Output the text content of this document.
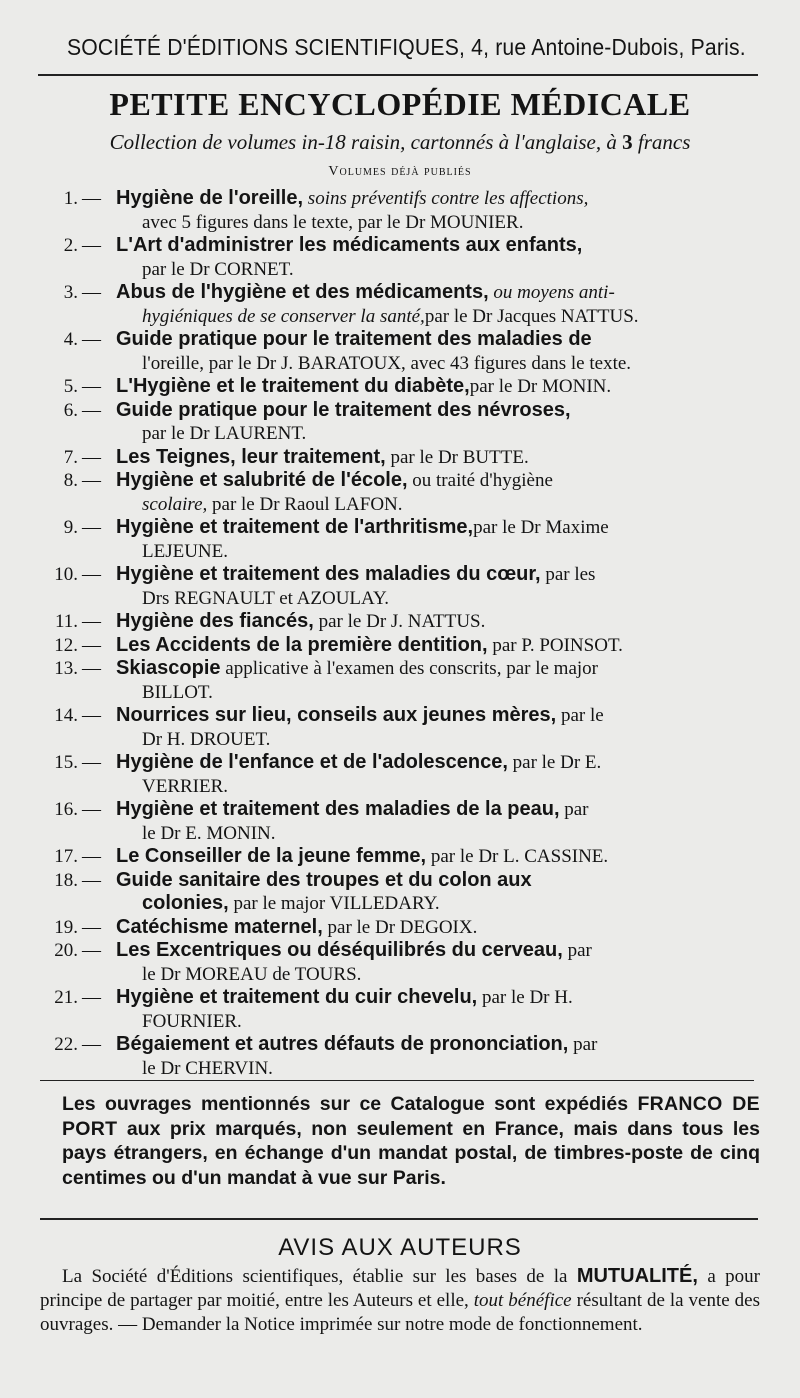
SOCIÉTÉ D'ÉDITIONS SCIENTIFIQUES, 4, rue Antoine-Dubois, Paris.
PETITE ENCYCLOPÉDIE MÉDICALE
Collection de volumes in-18 raisin, cartonnés à l'anglaise, à 3 francs
Volumes déjà publiés
1. — Hygiène de l'oreille, soins préventifs contre les affections,
avec 5 figures dans le texte, par le Dr MOUNIER.
2. — L'Art d'administrer les médicaments aux enfants,
par le Dr CORNET.
3. — Abus de l'hygiène et des médicaments, ou moyens anti-
hygiéniques de se conserver la santé,par le Dr Jacques NATTUS.
4. — Guide pratique pour le traitement des maladies de
l'oreille, par le Dr J. BARATOUX, avec 43 figures dans le texte.
5. — L'Hygiène et le traitement du diabète,par le Dr MONIN.
6. — Guide pratique pour le traitement des névroses,
par le Dr LAURENT.
7. — Les Teignes, leur traitement, par le Dr BUTTE.
8. — Hygiène et salubrité de l'école, ou traité d'hygiène
scolaire, par le Dr Raoul LAFON.
9. — Hygiène et traitement de l'arthritisme,par le Dr Maxime
LEJEUNE.
10. — Hygiène et traitement des maladies du cœur, par les
Drs REGNAULT et AZOULAY.
11. — Hygiène des fiancés, par le Dr J. NATTUS.
12. — Les Accidents de la première dentition, par P. POINSOT.
13. — Skiascopie applicative à l'examen des conscrits, par le major
BILLOT.
14. — Nourrices sur lieu, conseils aux jeunes mères, par le
Dr H. DROUET.
15. — Hygiène de l'enfance et de l'adolescence, par le Dr E.
VERRIER.
16. — Hygiène et traitement des maladies de la peau, par
le Dr E. MONIN.
17. — Le Conseiller de la jeune femme, par le Dr L. CASSINE.
18. — Guide sanitaire des troupes et du colon aux
colonies, par le major VILLEDARY.
19. — Catéchisme maternel, par le Dr DEGOIX.
20. — Les Excentriques ou déséquilibrés du cerveau, par
le Dr MOREAU de TOURS.
21. — Hygiène et traitement du cuir chevelu, par le Dr H.
FOURNIER.
22. — Bégaiement et autres défauts de prononciation, par
le Dr CHERVIN.
Les ouvrages mentionnés sur ce Catalogue sont expédiés FRANCO DE PORT aux prix marqués, non seulement en France, mais dans tous les pays étrangers, en échange d'un mandat postal, de timbres-poste de cinq centimes ou d'un mandat à vue sur Paris.
AVIS AUX AUTEURS
La Société d'Éditions scientifiques, établie sur les bases de la MUTUALITÉ, a pour principe de partager par moitié, entre les Auteurs et elle, tout bénéfice résultant de la vente des ouvrages. — Demander la Notice imprimée sur notre mode de fonctionnement.
